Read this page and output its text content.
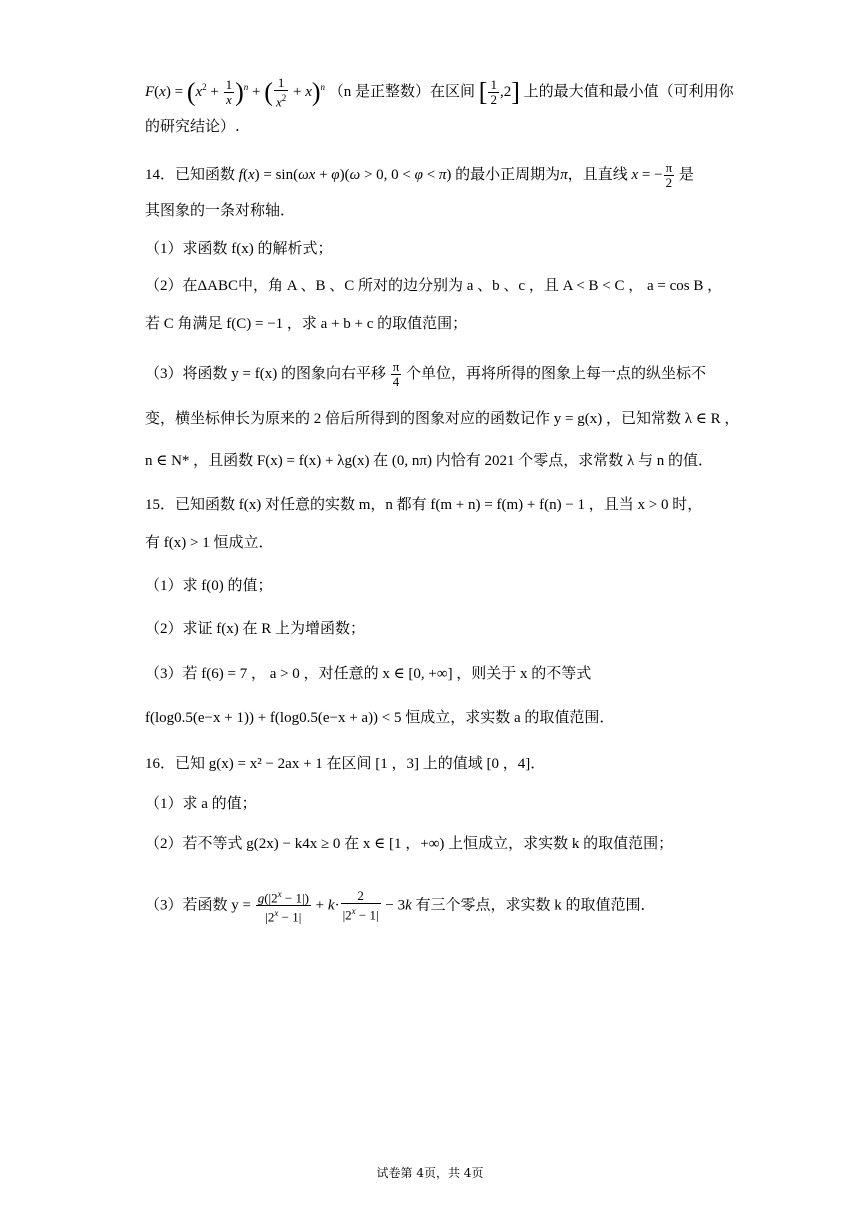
$F(x) = (x^2 + \frac{1}{x} )^n$ + ( $\frac{1}{x^2} + x)^n$ （n 是正整数）在区间 [ $\frac{1}{2} ,2$] 上的最大值和最小值（可利用你
的研究结论）.
14．已知函数 f(x) = sin(ωx + φ)(ω > 0, 0 < φ < π) 的最小正周期为π，且直线 x = − $\frac{\pi}{2}$ 是
其图象的一条对称轴．
（1）求函数 f(x) 的解析式；
（2）在ΔABC中，角 A 、B 、C 所对的边分别为 a 、b 、c ，且 A < B < C ， a = cos B ，
若 C 角满足 f(C) = −1 ，求 a + b + c 的取值范围；
（3）将函数 y = f(x) 的图象向右平移 $\frac{\pi}{4}$ 个单位，再将所得的图象上每一点的纵坐标不
变，横坐标伸长为原来的 2 倍后所得到的图象对应的函数记作 y = g(x) ，已知常数 λ ∈ R ，
n ∈ N* ，且函数 F(x) = f(x) + λg(x) 在 (0, nπ) 内恰有 2021 个零点，求常数 λ 与 n 的值．
15．已知函数 f(x) 对任意的实数 m，n 都有 f(m + n) = f(m) + f(n) − 1 ，且当 x > 0 时，
有 f(x) > 1 恒成立．
（1）求 f(0) 的值；
（2）求证 f(x) 在 R 上为增函数；
（3）若 f(6) = 7 ， a > 0 ，对任意的 x ∈ [0, +∞] ，则关于 x 的不等式
f(log0.5(e−x + 1)) + f(log0.5(e−x + a)) < 5 恒成立，求实数 a 的取值范围．
16．已知 g(x) = x² − 2ax + 1 在区间 [1 ，3] 上的值域 [0 ，4]．
（1）求 a 的值；
（2）若不等式 g(2x) − k4x ≥ 0 在 x ∈ [1 ，+∞) 上恒成立，求实数 k 的取值范围；
（3）若函数 $y = \frac{g(|2^x - 1|)}{|2^x - 1|} + k\cdot \frac{2}{|2^x - 1|} - 3k$ 有三个零点，求实数 k 的取值范围．
试卷第 4页，共 4页
